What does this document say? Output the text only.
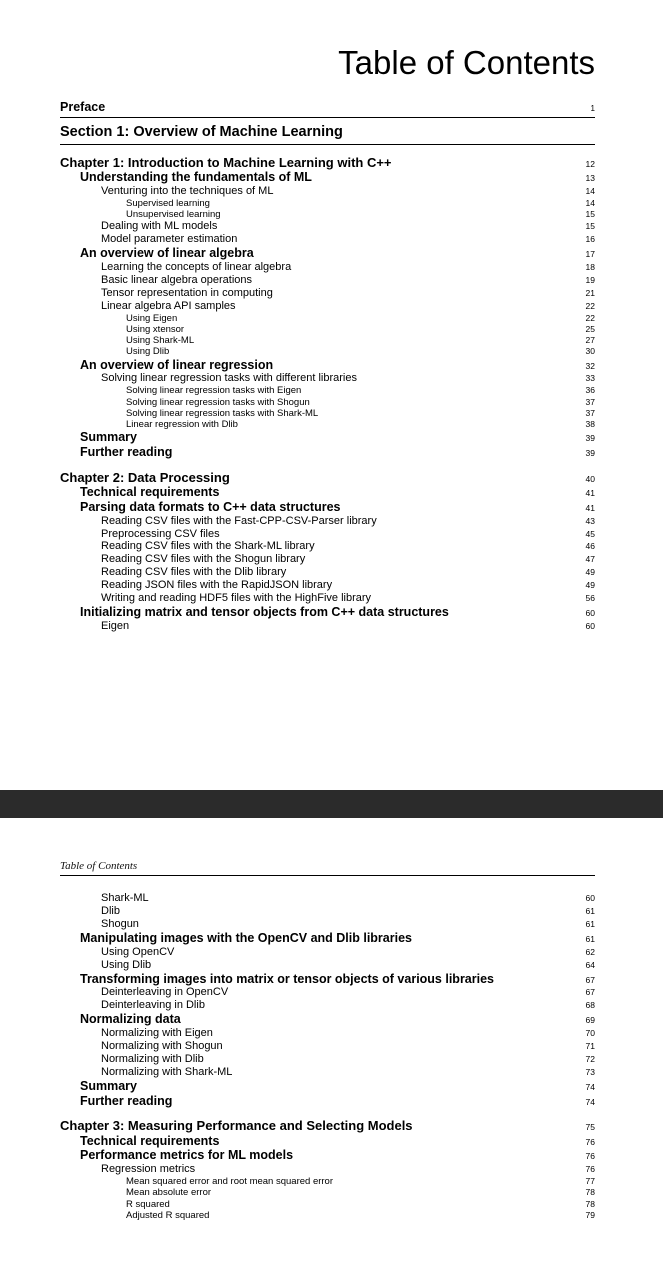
Table of Contents
Preface	1
Section 1: Overview of Machine Learning
Chapter 1: Introduction to Machine Learning with C++	12
Understanding the fundamentals of ML	13
Venturing into the techniques of ML	14
Supervised learning	14
Unsupervised learning	15
Dealing with ML models	15
Model parameter estimation	16
An overview of linear algebra	17
Learning the concepts of linear algebra	18
Basic linear algebra operations	19
Tensor representation in computing	21
Linear algebra API samples	22
Using Eigen	22
Using xtensor	25
Using Shark-ML	27
Using Dlib	30
An overview of linear regression	32
Solving linear regression tasks with different libraries	33
Solving linear regression tasks with Eigen	36
Solving linear regression tasks with Shogun	37
Solving linear regression tasks with Shark-ML	37
Linear regression with Dlib	38
Summary	39
Further reading	39
Chapter 2: Data Processing	40
Technical requirements	41
Parsing data formats to C++ data structures	41
Reading CSV files with the Fast-CPP-CSV-Parser library	43
Preprocessing CSV files	45
Reading CSV files with the Shark-ML library	46
Reading CSV files with the Shogun library	47
Reading CSV files with the Dlib library	49
Reading JSON files with the RapidJSON library	49
Writing and reading HDF5 files with the HighFive library	56
Initializing matrix and tensor objects from C++ data structures	60
Eigen	60
Table of Contents
Shark-ML	60
Dlib	61
Shogun	61
Manipulating images with the OpenCV and Dlib libraries	61
Using OpenCV	62
Using Dlib	64
Transforming images into matrix or tensor objects of various libraries	67
Deinterleaving in OpenCV	67
Deinterleaving in Dlib	68
Normalizing data	69
Normalizing with Eigen	70
Normalizing with Shogun	71
Normalizing with Dlib	72
Normalizing with Shark-ML	73
Summary	74
Further reading	74
Chapter 3: Measuring Performance and Selecting Models	75
Technical requirements	76
Performance metrics for ML models	76
Regression metrics	76
Mean squared error and root mean squared error	77
Mean absolute error	78
R squared	78
Adjusted R squared	79
